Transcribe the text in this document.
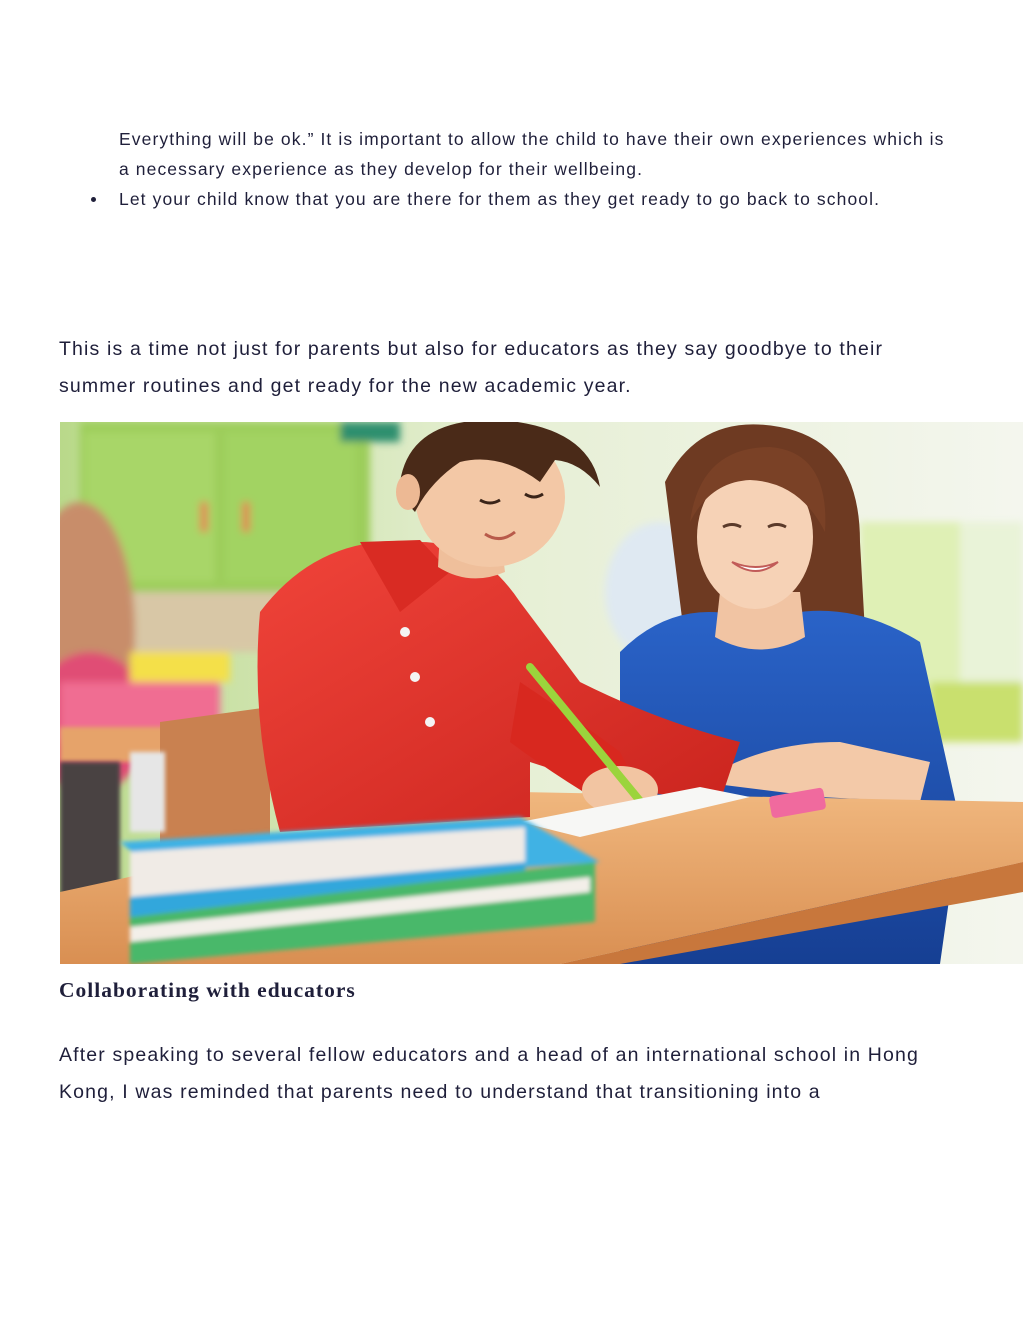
Everything will be ok.” It is important to allow the child to have their own experiences which is a necessary experience as they develop for their wellbeing.
Let your child know that you are there for them as they get ready to go back to school.

This is a time not just for parents but also for educators as they say goodbye to their summer routines and get ready for the new academic year.

Collaborating with educators

After speaking to several fellow educators and a head of an international school in Hong Kong, I was reminded that parents need to understand that transitioning into a
